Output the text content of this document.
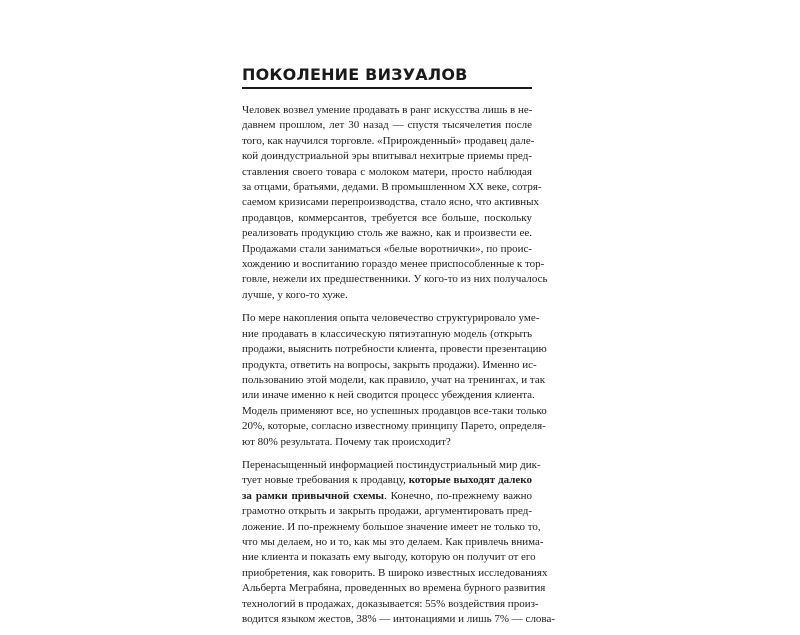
ПОКОЛЕНИЕ ВИЗУАЛОВ
Человек возвел умение продавать в ранг искусства лишь в не-
давнем прошлом, лет 30 назад — спустя тысячелетия после
того, как научился торговле. «Прирожденный» продавец дале-
кой доиндустриальной эры впитывал нехитрые приемы пред-
ставления своего товара с молоком матери, просто наблюдая
за отцами, братьями, дедами. В промышленном XX веке, сотря-
саемом кризисами перепроизводства, стало ясно, что активных
продавцов, коммерсантов, требуется все больше, поскольку
реализовать продукцию столь же важно, как и произвести ее.
Продажами стали заниматься «белые воротнички», по проис-
хождению и воспитанию гораздо менее приспособленные к тор-
говле, нежели их предшественники. У кого-то из них получалось
лучше, у кого-то хуже.
По мере накопления опыта человечество структурировало уме-
ние продавать в классическую пятиэтапную модель (открыть
продажи, выяснить потребности клиента, провести презентацию
продукта, ответить на вопросы, закрыть продажи). Именно ис-
пользованию этой модели, как правило, учат на тренингах, и так
или иначе именно к ней сводится процесс убеждения клиента.
Модель применяют все, но успешных продавцов все-таки только
20%, которые, согласно известному принципу Парето, определя-
ют 80% результата. Почему так происходит?
Перенасыщенный информацией постиндустриальный мир дик-
тует новые требования к продавцу, которые выходят далеко
за рамки привычной схемы. Конечно, по-прежнему важно
грамотно открыть и закрыть продажи, аргументировать пред-
ложение. И по-прежнему большое значение имеет не только то,
что мы делаем, но и то, как мы это делаем. Как привлечь внима-
ние клиента и показать ему выгоду, которую он получит от его
приобретения, как говорить. В широко известных исследованиях
Альберта Меграбяна, проведенных во времена бурного развития
технологий в продажах, доказывается: 55% воздействия произ-
водится языком жестов, 38% — интонациями и лишь 7% — слова-
